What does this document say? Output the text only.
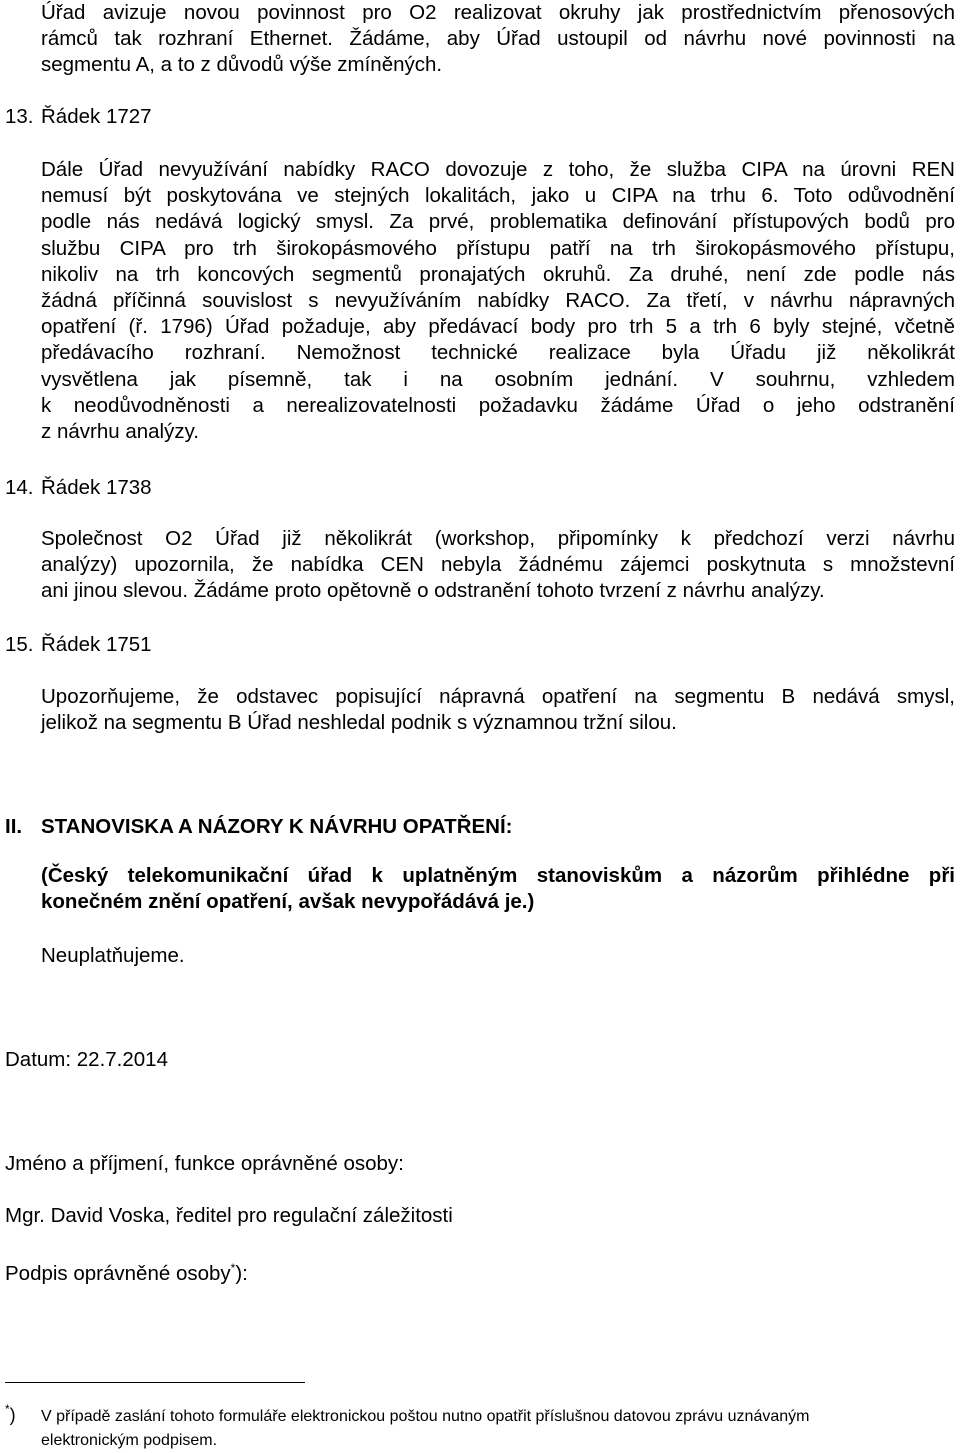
Úřad avizuje novou povinnost pro O2 realizovat okruhy jak prostřednictvím přenosových
rámců tak rozhraní Ethernet. Žádáme, aby Úřad ustoupil od návrhu nové povinnosti na
segmentu A, a to z důvodů výše zmíněných.
13. Řádek 1727
Dále Úřad nevyužívání nabídky RACO dovozuje z toho, že služba CIPA na úrovni REN
nemusí být poskytována ve stejných lokalitách, jako u CIPA na trhu 6. Toto odůvodnění
podle nás nedává logický smysl. Za prvé, problematika definování přístupových bodů pro
službu CIPA pro trh širokopásmového přístupu patří na trh širokopásmového přístupu,
nikoliv na trh koncových segmentů pronajatých okruhů. Za druhé, není zde podle nás
žádná příčinná souvislost s nevyužíváním nabídky RACO. Za třetí, v návrhu nápravných
opatření (ř. 1796) Úřad požaduje, aby předávací body pro trh 5 a trh 6 byly stejné, včetně
předávacího rozhraní. Nemožnost technické realizace byla Úřadu již několikrát
vysvětlena jak písemně, tak i na osobním jednání. V souhrnu, vzhledem
k neodůvodněnosti a nerealizovatelnosti požadavku žádáme Úřad o jeho odstranění
z návrhu analýzy.
14. Řádek 1738
Společnost O2 Úřad již několikrát (workshop, připomínky k předchozí verzi návrhu
analýzy) upozornila, že nabídka CEN nebyla žádnému zájemci poskytnuta s množstevní
ani jinou slevou. Žádáme proto opětovně o odstranění tohoto tvrzení z návrhu analýzy.
15. Řádek 1751
Upozorňujeme, že odstavec popisující nápravná opatření na segmentu B nedává smysl,
jelikož na segmentu B Úřad neshledal podnik s významnou tržní silou.
II. STANOVISKA A NÁZORY K NÁVRHU OPATŘENÍ:
(Český telekomunikační úřad k uplatněným stanoviskům a názorům přihlédne při
konečném znění opatření, avšak nevypořádává je.)
Neuplatňujeme.
Datum: 22.7.2014
Jméno a příjmení, funkce oprávněné osoby:
Mgr. David Voska, ředitel pro regulační záležitosti
Podpis oprávněné osoby*):
*) V případě zaslání tohoto formuláře elektronickou poštou nutno opatřit příslušnou datovou zprávu uznávaným
elektronickým podpisem.
